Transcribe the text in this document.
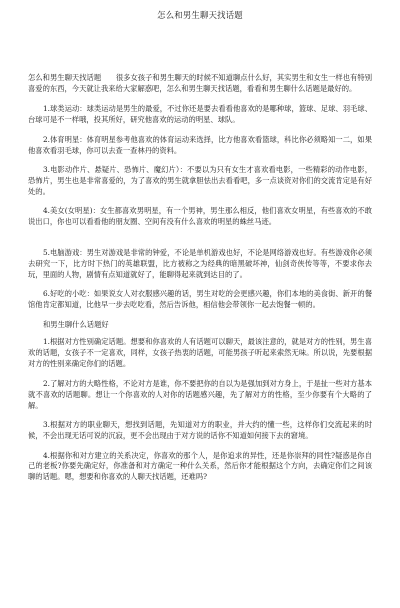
怎么和男生聊天找话题

怎么和男生聊天找话题　　很多女孩子和男生聊天的时候不知道聊点什么好，其实男生和女生一样也有特别喜爱的东西，今天就让我来给大家解惑吧，怎么和男生聊天找话题，看看和男生聊什么话题是最好的。

1.球类运动：球类运动是男生的最爱，不过你还是要去看看他喜欢的是哪种球，篮球、足球、羽毛球、台球可是不一样哦，投其所好，研究他喜欢的运动的明星、球队。

2.体育明星：体育明星参考他喜欢的体育运动来选择，比方他喜欢看篮球，科比你必须略知一二，如果他喜欢看羽毛球，你可以去查一查林丹的资料。

3.电影动作片、悬疑片、恐怖片、魔幻片）：不要以为只有女生才喜欢看电影，一些精彩的动作电影，恐怖片，男生也是非常喜爱的，为了喜欢的男生就拿胆怯出去看看吧，多一点谈资对你们的交流肯定是有好处的。

4.美女(女明星)：女生都喜欢男明星，有一个男神，男生那么相反，他们喜欢女明星，有些喜欢的不敢说出口，你也可以看看他的朋友圈、空间有没有什么喜欢的明星的蛛丝马迹。

5.电脑游戏：男生对游戏是非常的钟爱，不论是单机游戏也好，不论是网络游戏也好。有些游戏你必须去研究一下，比方时下热门的英雄联盟，比方被称之为经典的暗黑破坏神，仙剑奇侠传等等，不要求你去玩，里面的人物，剧情有点知道就好了，能聊得起来就到达目的了。

6.好吃的小吃：如果说女人对衣服感兴趣的话，男生对吃的会更感兴趣，你们本地的美食街、新开的餐馆他肯定都知道，比他早一步去吃吃看，然后告诉他，相信他会带领你一起去饱餐一顿的。

和男生聊什么话题好

1.根据对方性别确定话题。想要和你喜欢的人有话题可以聊天，最该注意的，就是对方的性别，男生喜欢的话题，女孩子不一定喜欢，同样，女孩子热衷的话题，可能男孩子听起来索然无味。所以说，先要根据对方的性别来确定你们的话题。

2.了解对方的大略性格，不论对方是谁，你不要把你的自以为是强加到对方身上，于是扯一些对方基本就不喜欢的话题聊。想让一个你喜欢的人对你的话题感兴趣，先了解对方的性格，至少你要有个大略的了解。

3.根据对方的职业聊天，想找到话题，先知道对方的职业，并大约的懂一些，这样你们交流起来的时候，不会出现无话可说的沉寂，更不会出现由于对方说的话你不知道如何接下去的窘境。

4.根据你和对方建立的关系决定，你喜欢的那个人，是你追求的异性，还是你崇拜的同性?疑惑是你自己的老板?你要先确定好，你准备和对方确定一种什么关系，然后你才能根据这个方向，去确定你们之间该聊的话题。嗯，想要和你喜欢的人聊天找话题，还难吗?
